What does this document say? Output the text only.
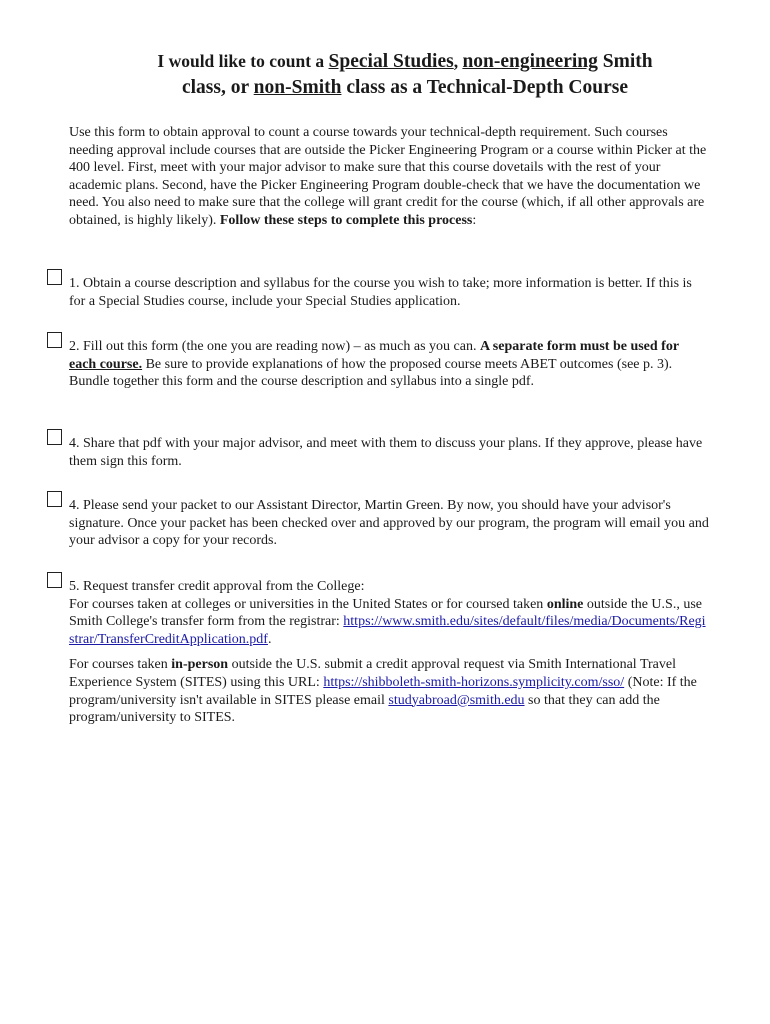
I would like to count a Special Studies, non-engineering Smith
class, or non-Smith class as a Technical-Depth Course
Use this form to obtain approval to count a course towards your technical-depth requirement. Such courses needing approval include courses that are outside the Picker Engineering Program or a course within Picker at the 400 level. First, meet with your major advisor to make sure that this course dovetails with the rest of your academic plans. Second, have the Picker Engineering Program double-check that we have the documentation we need. You also need to make sure that the college will grant credit for the course (which, if all other approvals are obtained, is highly likely). Follow these steps to complete this process:
1. Obtain a course description and syllabus for the course you wish to take; more information is better. If this is for a Special Studies course, include your Special Studies application.
2. Fill out this form (the one you are reading now) – as much as you can. A separate form must be used for each course. Be sure to provide explanations of how the proposed course meets ABET outcomes (see p. 3). Bundle together this form and the course description and syllabus into a single pdf.
4. Share that pdf with your major advisor, and meet with them to discuss your plans. If they approve, please have them sign this form.
4. Please send your packet to our Assistant Director, Martin Green. By now, you should have your advisor's signature. Once your packet has been checked over and approved by our program, the program will email you and your advisor a copy for your records.
5. Request transfer credit approval from the College:
For courses taken at colleges or universities in the United States or for coursed taken online outside the U.S., use Smith College's transfer form from the registrar: https://www.smith.edu/sites/default/files/media/Documents/Registrar/TransferCreditApplication.pdf.
For courses taken in-person outside the U.S. submit a credit approval request via Smith International Travel Experience System (SITES) using this URL: https://shibboleth-smith-horizons.symplicity.com/sso/ (Note: If the program/university isn't available in SITES please email studyabroad@smith.edu so that they can add the program/university to SITES.
